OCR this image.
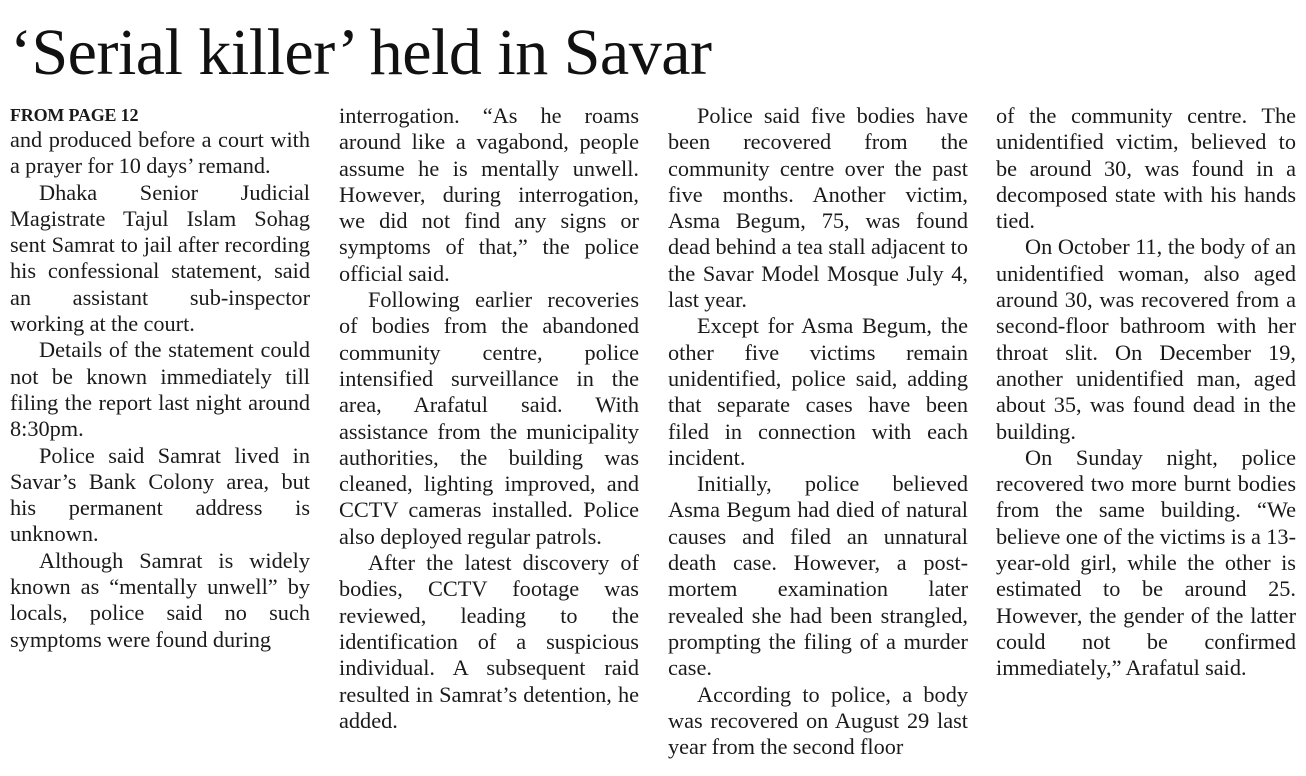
‘Serial killer’ held in Savar
FROM PAGE 12

and produced before a court with a prayer for 10 days’ remand.

Dhaka Senior Judicial Magistrate Tajul Islam Sohag sent Samrat to jail after recording his confessional statement, said an assistant sub-inspector working at the court.

Details of the statement could not be known immediately till filing the report last night around 8:30pm.

Police said Samrat lived in Savar’s Bank Colony area, but his permanent address is unknown.

Although Samrat is widely known as “mentally unwell” by locals, police said no such symptoms were found during

interrogation. “As he roams around like a vagabond, people assume he is mentally unwell. However, during interrogation, we did not find any signs or symptoms of that,” the police official said.

Following earlier recoveries of bodies from the abandoned community centre, police intensified surveillance in the area, Arafatul said. With assistance from the municipality authorities, the building was cleaned, lighting improved, and CCTV cameras installed. Police also deployed regular patrols.

After the latest discovery of bodies, CCTV footage was reviewed, leading to the identification of a suspicious individual. A subsequent raid resulted in Samrat’s detention, he added.

Police said five bodies have been recovered from the community centre over the past five months. Another victim, Asma Begum, 75, was found dead behind a tea stall adjacent to the Savar Model Mosque July 4, last year.

Except for Asma Begum, the other five victims remain unidentified, police said, adding that separate cases have been filed in connection with each incident.

Initially, police believed Asma Begum had died of natural causes and filed an unnatural death case. However, a post-mortem examination later revealed she had been strangled, prompting the filing of a murder case.

According to police, a body was recovered on August 29 last year from the second floor

of the community centre. The unidentified victim, believed to be around 30, was found in a decomposed state with his hands tied.

On October 11, the body of an unidentified woman, also aged around 30, was recovered from a second-floor bathroom with her throat slit. On December 19, another unidentified man, aged about 35, was found dead in the building.

On Sunday night, police recovered two more burnt bodies from the same building. “We believe one of the victims is a 13-year-old girl, while the other is estimated to be around 25. However, the gender of the latter could not be confirmed immediately,” Arafatul said.
